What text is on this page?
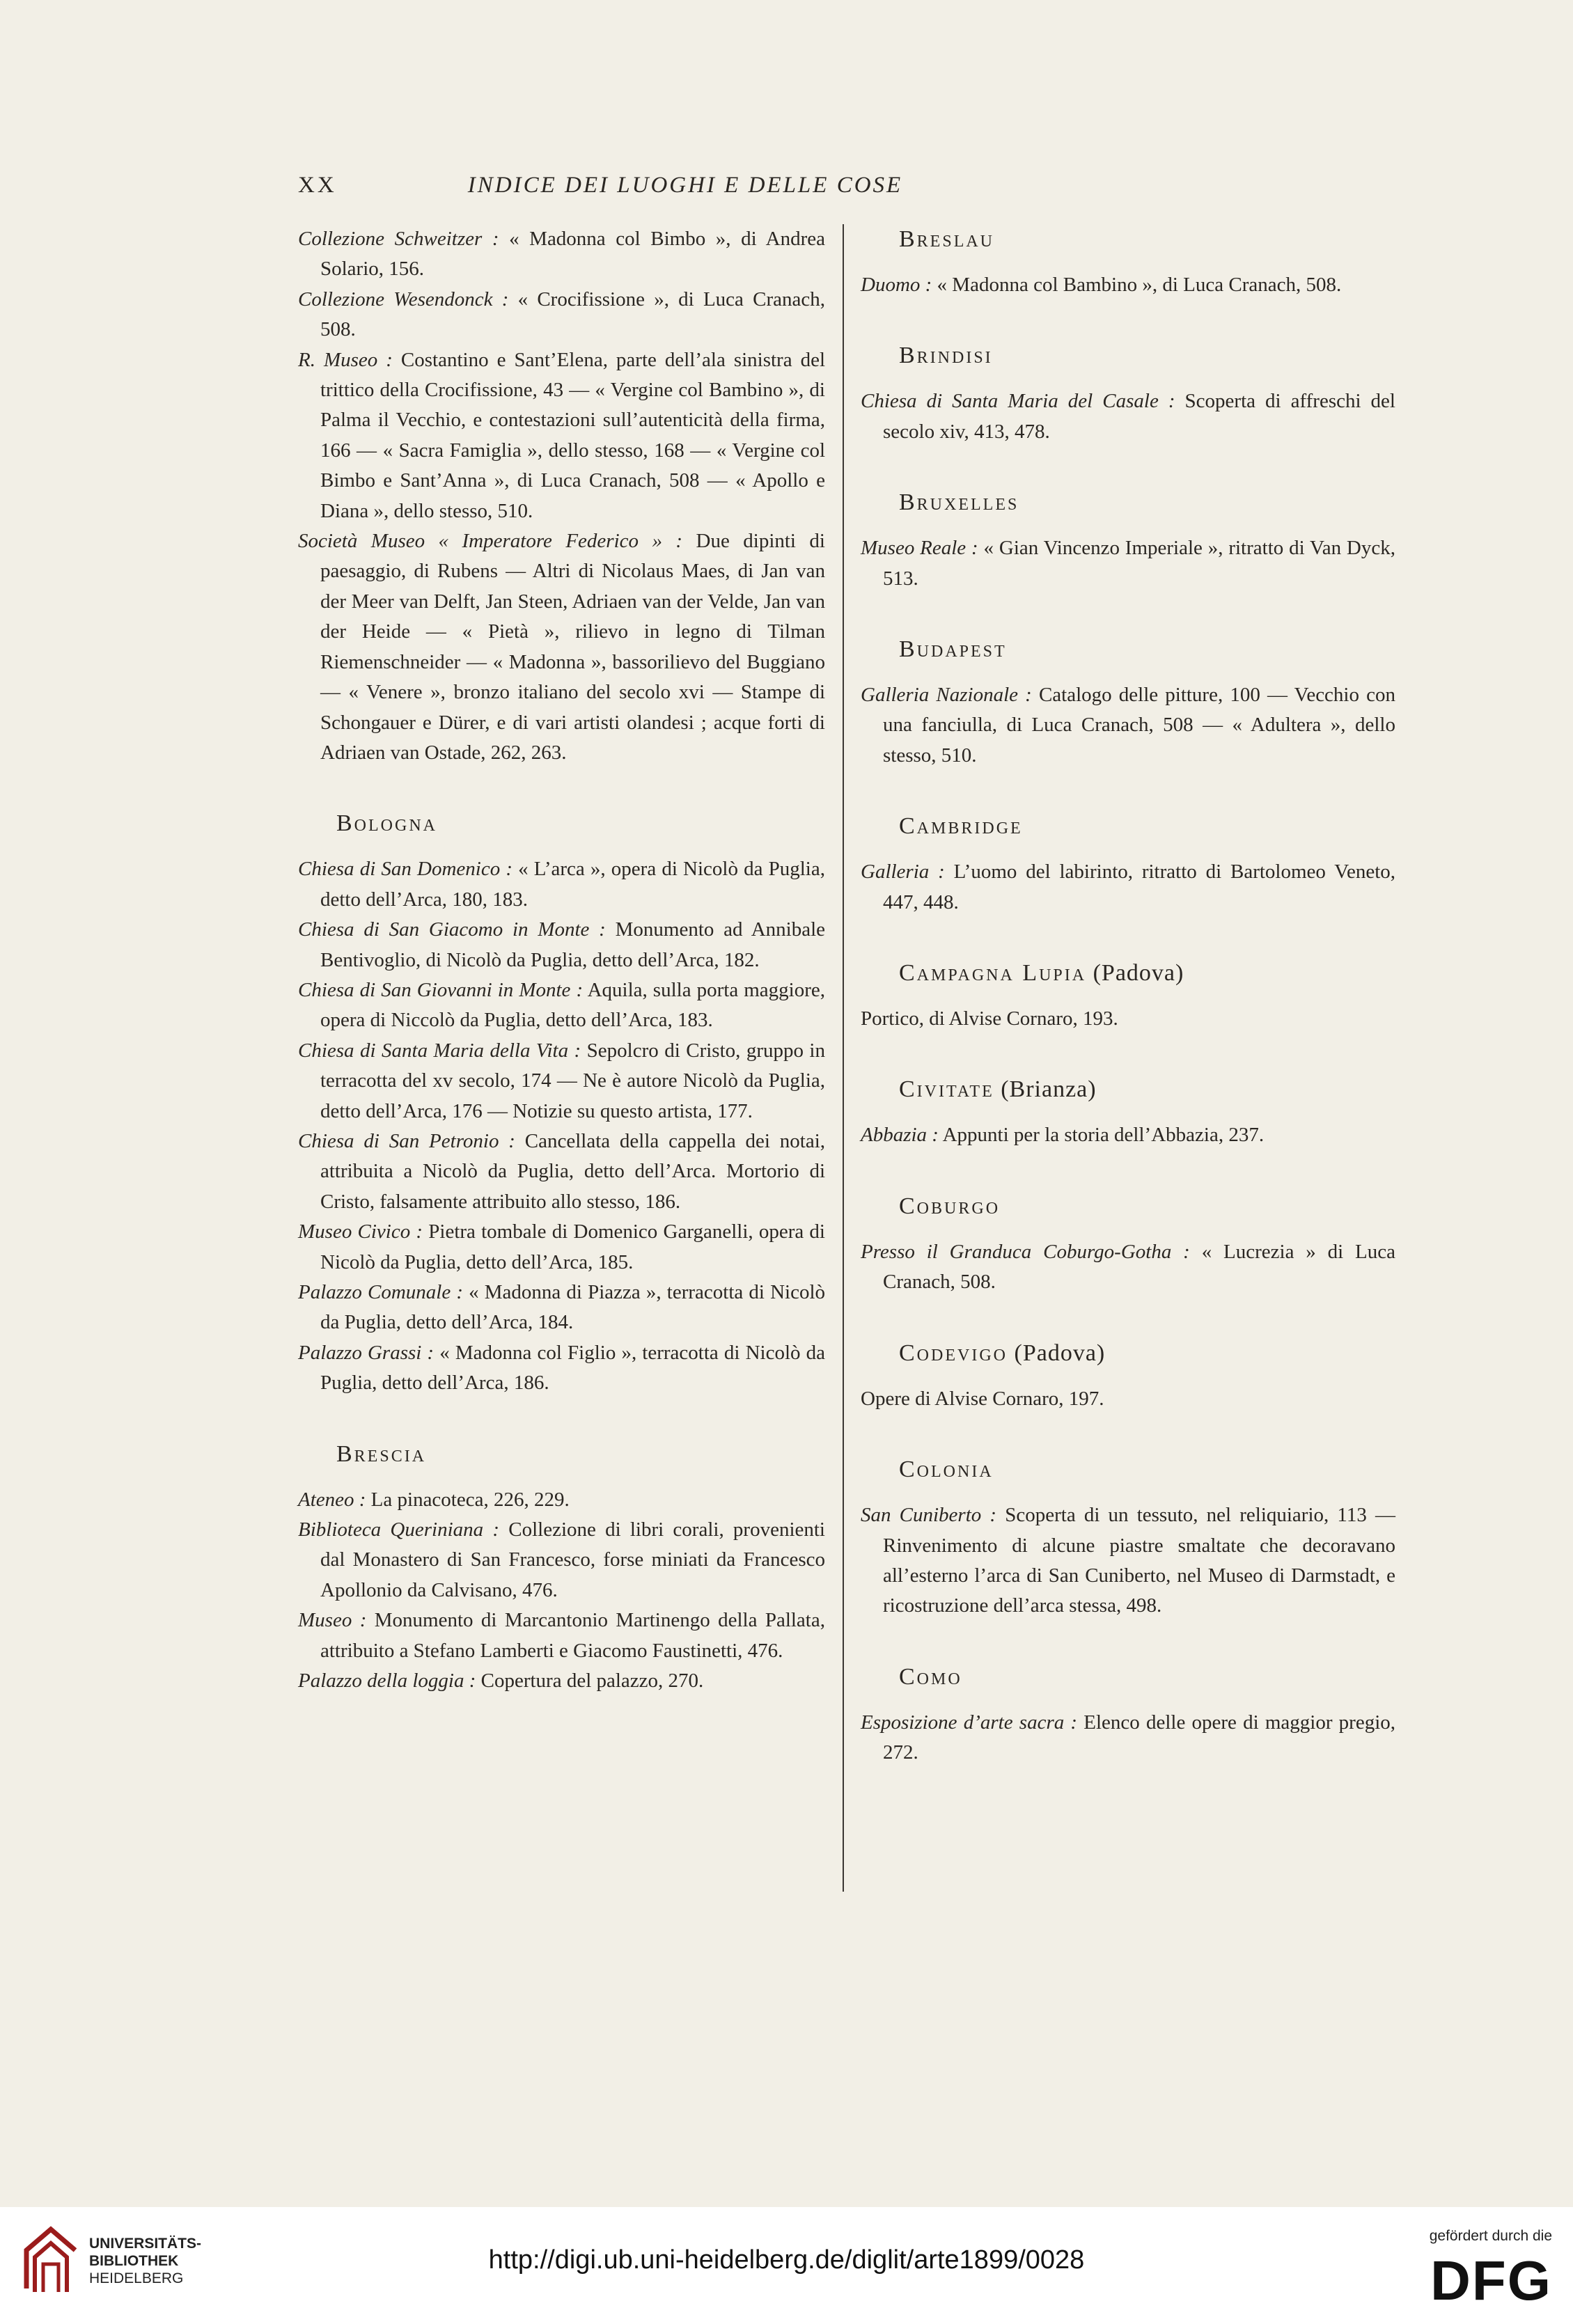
XX	INDICE DEI LUOGHI E DELLE COSE

Collezione Schweitzer : « Madonna col Bimbo », di Andrea Solario, 156.

Collezione Wesendonck : « Crocifissione », di Luca Cranach, 508.

R. Museo : Costantino e Sant’Elena, parte dell’ala sinistra del trittico della Crocifissione, 43 — « Vergine col Bambino », di Palma il Vecchio, e contestazioni sull’autenticità della firma, 166 — « Sacra Famiglia », dello stesso, 168 — « Vergine col Bimbo e Sant’Anna », di Luca Cranach, 508 — « Apollo e Diana », dello stesso, 510.

Società Museo « Imperatore Federico » : Due dipinti di paesaggio, di Rubens — Altri di Nicolaus Maes, di Jan van der Meer van Delft, Jan Steen, Adriaen van der Velde, Jan van der Heide — « Pietà », rilievo in legno di Tilman Riemenschneider — « Madonna », bassorilievo del Buggiano — « Venere », bronzo italiano del secolo xvi — Stampe di Schongauer e Dürer, e di vari artisti olandesi ; acque forti di Adriaen van Ostade, 262, 263.

Bologna

Chiesa di San Domenico : « L’arca », opera di Nicolò da Puglia, detto dell’Arca, 180, 183.

Chiesa di San Giacomo in Monte : Monumento ad Annibale Bentivoglio, di Nicolò da Puglia, detto dell’Arca, 182.

Chiesa di San Giovanni in Monte : Aquila, sulla porta maggiore, opera di Niccolò da Puglia, detto dell’Arca, 183.

Chiesa di Santa Maria della Vita : Sepolcro di Cristo, gruppo in terracotta del xv secolo, 174 — Ne è autore Nicolò da Puglia, detto dell’Arca, 176 — Notizie su questo artista, 177.

Chiesa di San Petronio : Cancellata della cappella dei notai, attribuita a Nicolò da Puglia, detto dell’Arca. Mortorio di Cristo, falsamente attribuito allo stesso, 186.

Museo Civico : Pietra tombale di Domenico Garganelli, opera di Nicolò da Puglia, detto dell’Arca, 185.

Palazzo Comunale : « Madonna di Piazza », terracotta di Nicolò da Puglia, detto dell’Arca, 184.

Palazzo Grassi : « Madonna col Figlio », terracotta di Nicolò da Puglia, detto dell’Arca, 186.

Brescia

Ateneo : La pinacoteca, 226, 229.

Biblioteca Queriniana : Collezione di libri corali, provenienti dal Monastero di San Francesco, forse miniati da Francesco Apollonio da Calvisano, 476.

Museo : Monumento di Marcantonio Martinengo della Pallata, attribuito a Stefano Lamberti e Giacomo Faustinetti, 476.

Palazzo della loggia : Copertura del palazzo, 270.

Breslau

Duomo : « Madonna col Bambino », di Luca Cranach, 508.

Brindisi

Chiesa di Santa Maria del Casale : Scoperta di affreschi del secolo xiv, 413, 478.

Bruxelles

Museo Reale : « Gian Vincenzo Imperiale », ritratto di Van Dyck, 513.

Budapest

Galleria Nazionale : Catalogo delle pitture, 100 — Vecchio con una fanciulla, di Luca Cranach, 508 — « Adultera », dello stesso, 510.

Cambridge

Galleria : L’uomo del labirinto, ritratto di Bartolomeo Veneto, 447, 448.

Campagna Lupia (Padova)

Portico, di Alvise Cornaro, 193.

Civitate (Brianza)

Abbazia : Appunti per la storia dell’Abbazia, 237.

Coburgo

Presso il Granduca Coburgo-Gotha : « Lucrezia » di Luca Cranach, 508.

Codevigo (Padova)

Opere di Alvise Cornaro, 197.

Colonia

San Cuniberto : Scoperta di un tessuto, nel reliquiario, 113 — Rinvenimento di alcune piastre smaltate che decoravano all’esterno l’arca di San Cuniberto, nel Museo di Darmstadt, e ricostruzione dell’arca stessa, 498.

Como

Esposizione d’arte sacra : Elenco delle opere di maggior pregio, 272.

UNIVERSITÄTS-
BIBLIOTHEK
HEIDELBERG
http://digi.ub.uni-heidelberg.de/diglit/arte1899/0028
gefördert durch die
DFG
